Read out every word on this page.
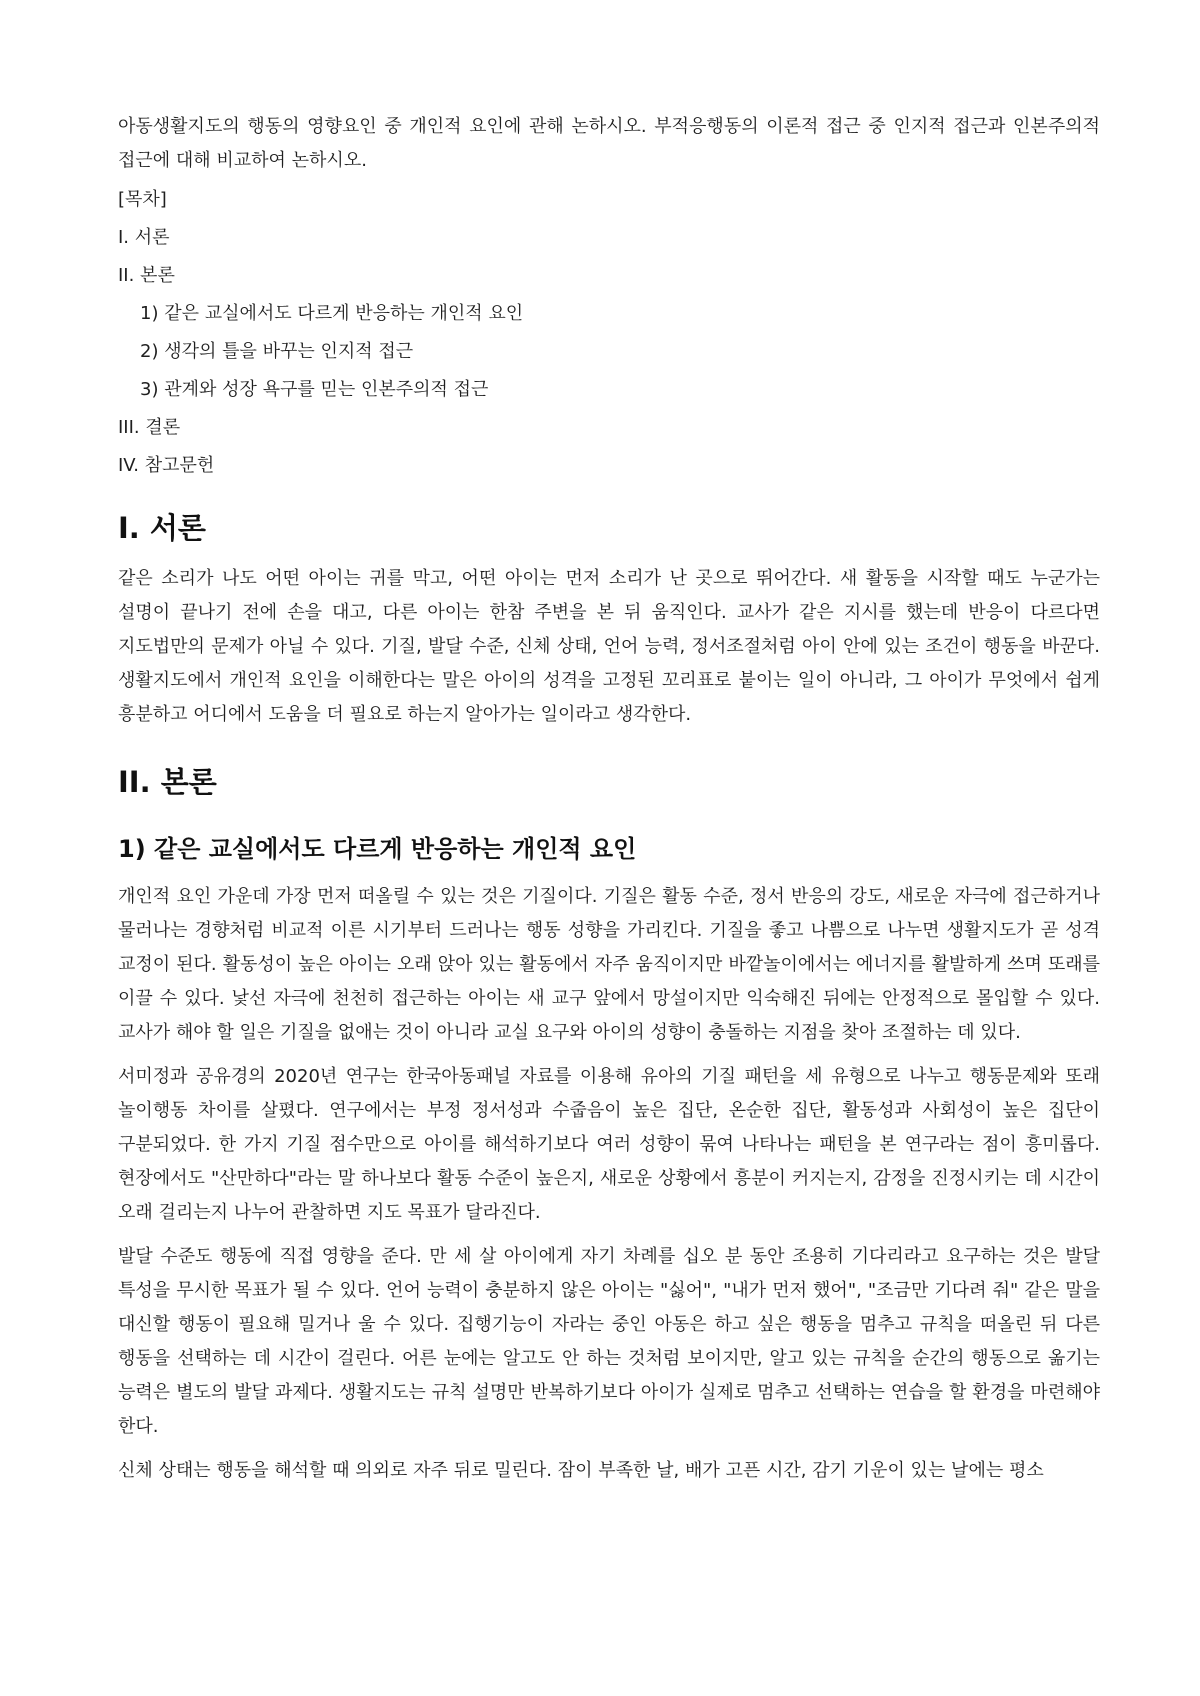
아동생활지도의 행동의 영향요인 중 개인적 요인에 관해 논하시오. 부적응행동의 이론적 접근 중 인지적 접근과 인본주의적 접근에 대해 비교하여 논하시오.

[목차]
I. 서론
II. 본론
1) 같은 교실에서도 다르게 반응하는 개인적 요인
2) 생각의 틀을 바꾸는 인지적 접근
3) 관계와 성장 욕구를 믿는 인본주의적 접근
III. 결론
IV. 참고문헌
I. 서론

같은 소리가 나도 어떤 아이는 귀를 막고, 어떤 아이는 먼저 소리가 난 곳으로 뛰어간다. 새 활동을 시작할 때도 누군가는 설명이 끝나기 전에 손을 대고, 다른 아이는 한참 주변을 본 뒤 움직인다. 교사가 같은 지시를 했는데 반응이 다르다면 지도법만의 문제가 아닐 수 있다. 기질, 발달 수준, 신체 상태, 언어 능력, 정서조절처럼 아이 안에 있는 조건이 행동을 바꾼다. 생활지도에서 개인적 요인을 이해한다는 말은 아이의 성격을 고정된 꼬리표로 붙이는 일이 아니라, 그 아이가 무엇에서 쉽게 흥분하고 어디에서 도움을 더 필요로 하는지 알아가는 일이라고 생각한다.

II. 본론
1) 같은 교실에서도 다르게 반응하는 개인적 요인

개인적 요인 가운데 가장 먼저 떠올릴 수 있는 것은 기질이다. 기질은 활동 수준, 정서 반응의 강도, 새로운 자극에 접근하거나 물러나는 경향처럼 비교적 이른 시기부터 드러나는 행동 성향을 가리킨다. 기질을 좋고 나쁨으로 나누면 생활지도가 곧 성격 교정이 된다. 활동성이 높은 아이는 오래 앉아 있는 활동에서 자주 움직이지만 바깥놀이에서는 에너지를 활발하게 쓰며 또래를 이끌 수 있다. 낯선 자극에 천천히 접근하는 아이는 새 교구 앞에서 망설이지만 익숙해진 뒤에는 안정적으로 몰입할 수 있다. 교사가 해야 할 일은 기질을 없애는 것이 아니라 교실 요구와 아이의 성향이 충돌하는 지점을 찾아 조절하는 데 있다.

서미정과 공유경의 2020년 연구는 한국아동패널 자료를 이용해 유아의 기질 패턴을 세 유형으로 나누고 행동문제와 또래 놀이행동 차이를 살폈다. 연구에서는 부정 정서성과 수줍음이 높은 집단, 온순한 집단, 활동성과 사회성이 높은 집단이 구분되었다. 한 가지 기질 점수만으로 아이를 해석하기보다 여러 성향이 묶여 나타나는 패턴을 본 연구라는 점이 흥미롭다. 현장에서도 "산만하다"라는 말 하나보다 활동 수준이 높은지, 새로운 상황에서 흥분이 커지는지, 감정을 진정시키는 데 시간이 오래 걸리는지 나누어 관찰하면 지도 목표가 달라진다.

발달 수준도 행동에 직접 영향을 준다. 만 세 살 아이에게 자기 차례를 십오 분 동안 조용히 기다리라고 요구하는 것은 발달 특성을 무시한 목표가 될 수 있다. 언어 능력이 충분하지 않은 아이는 "싫어", "내가 먼저 했어", "조금만 기다려 줘" 같은 말을 대신할 행동이 필요해 밀거나 울 수 있다. 집행기능이 자라는 중인 아동은 하고 싶은 행동을 멈추고 규칙을 떠올린 뒤 다른 행동을 선택하는 데 시간이 걸린다. 어른 눈에는 알고도 안 하는 것처럼 보이지만, 알고 있는 규칙을 순간의 행동으로 옮기는 능력은 별도의 발달 과제다. 생활지도는 규칙 설명만 반복하기보다 아이가 실제로 멈추고 선택하는 연습을 할 환경을 마련해야 한다.

신체 상태는 행동을 해석할 때 의외로 자주 뒤로 밀린다. 잠이 부족한 날, 배가 고픈 시간, 감기 기운이 있는 날에는 평소
